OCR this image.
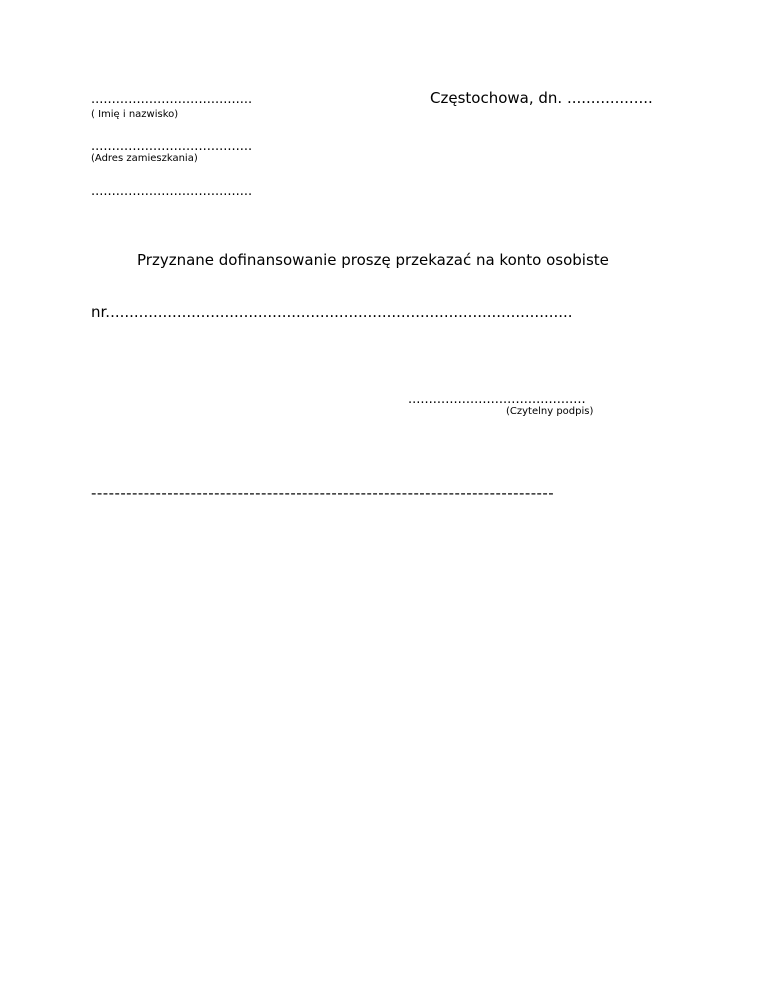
.......................................
( Imię i nazwisko)
Częstochowa, dn. ..................
.......................................
(Adres zamieszkania)
.......................................
Przyznane dofinansowanie proszę przekazać na konto osobiste
nr..................................................................................................
...........................................
(Czytelny podpis)
-------------------------------------------------------------------------------
